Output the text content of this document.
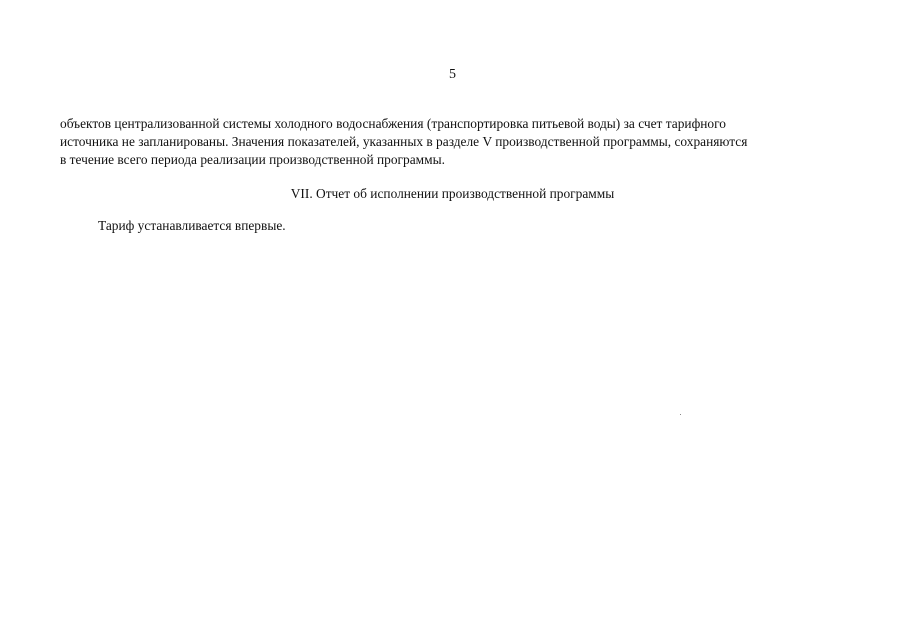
5
объектов централизованной системы холодного водоснабжения (транспортировка питьевой воды) за счет тарифного
источника не запланированы. Значения показателей, указанных в разделе V производственной программы, сохраняются
в течение всего периода реализации производственной программы.
VII. Отчет об исполнении производственной программы
Тариф устанавливается впервые.
